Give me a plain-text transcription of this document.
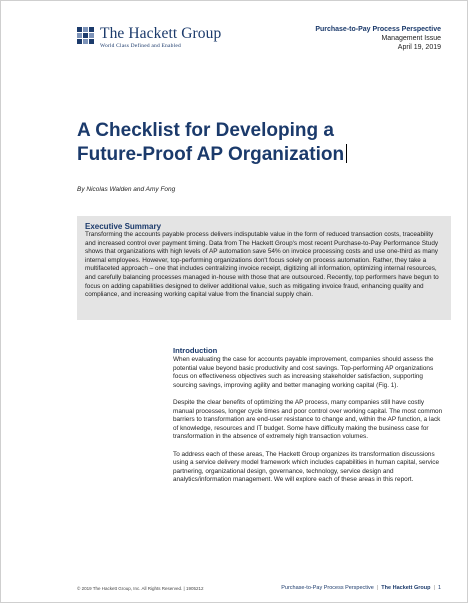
The Hackett Group
World Class Defined and Enabled
Purchase-to-Pay Process Perspective
Management Issue
April 19, 2019
A Checklist for Developing a
Future-Proof AP Organization
By Nicolas Walden and Amy Fong
Executive Summary
Transforming the accounts payable process delivers indisputable value in the form of reduced transaction costs, traceability and increased control over payment timing. Data from The Hackett Group's most recent Purchase-to-Pay Performance Study shows that organizations with high levels of AP automation save 54% on invoice processing costs and use one-third as many internal employees. However, top-performing organizations don't focus solely on process automation. Rather, they take a multifaceted approach – one that includes centralizing invoice receipt, digitizing all information, optimizing internal resources, and carefully balancing processes managed in-house with those that are outsourced. Recently, top performers have begun to focus on adding capabilities designed to deliver additional value, such as mitigating invoice fraud, enhancing quality and compliance, and increasing working capital value from the financial supply chain.
Introduction

When evaluating the case for accounts payable improvement, companies should assess the potential value beyond basic productivity and cost savings. Top-performing AP organizations focus on effectiveness objectives such as increasing stakeholder satisfaction, supporting sourcing savings, improving agility and better managing working capital (Fig. 1).

Despite the clear benefits of optimizing the AP process, many companies still have costly manual processes, longer cycle times and poor control over working capital. The most common barriers to transformation are end-user resistance to change and, within the AP function, a lack of knowledge, resources and IT budget. Some have difficulty making the business case for transformation in the absence of extremely high transaction volumes.

To address each of these areas, The Hackett Group organizes its transformation discussions using a service delivery model framework which includes capabilities in human capital, service partnering, organizational design, governance, technology, service design and analytics/information management. We will explore each of these areas in this report.

© 2019 The Hackett Group, Inc. All Rights Reserved. | 1905212	Purchase-to-Pay Process Perspective | The Hackett Group | 1
